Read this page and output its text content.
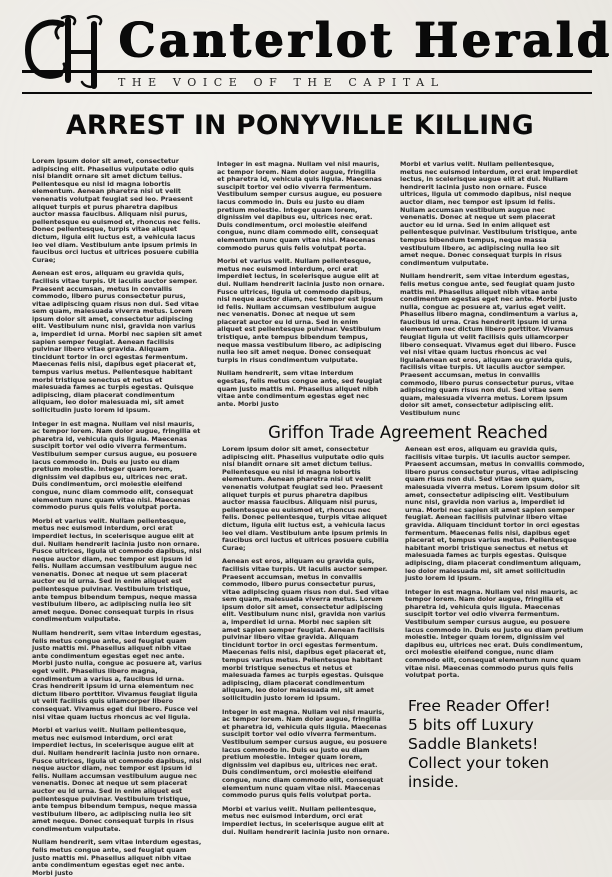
Canterlot Herald
THE VOICE OF THE CAPITAL
ARREST IN PONYVILLE KILLING

Lorem ipsum dolor sit amet, consectetur adipiscing elit. Phasellus vulputate odio quis nisi blandit ornare sit amet dictum tellus. Pellentesque eu nisl id magna lobortis elementum. Aenean pharetra nisi ut velit venenatis volutpat feugiat sed leo. Praesent aliquet turpis et purus pharetra dapibus auctor massa faucibus. Aliquam nisi purus, pellentesque eu euismod et, rhoncus nec felis. Donec pellentesque, turpis vitae aliquet dictum, ligula elit luctus est, a vehicula lacus leo vel diam. Vestibulum ante ipsum primis in faucibus orci luctus et ultrices posuere cubilia Curae;

Aenean est eros, aliquam eu gravida quis, facilisis vitae turpis. Ut iaculis auctor semper. Praesent accumsan, metus in convallis commodo, libero purus consectetur purus, vitae adipiscing quam risus non dui. Sed vitae sem quam, malesuada viverra metus. Lorem ipsum dolor sit amet, consectetur adipiscing elit. Vestibulum nunc nisl, gravida non varius a, imperdiet id urna. Morbi nec sapien sit amet sapien semper feugiat. Aenean facilisis pulvinar libero vitae gravida. Aliquam tincidunt tortor in orci egestas fermentum. Maecenas felis nisi, dapibus eget placerat et, tempus varius metus. Pellentesque habitant morbi tristique senectus et netus et malesuada fames ac turpis egestas. Quisque adipiscing, diam placerat condimentum aliquam, leo dolor malesuada mi, sit amet sollicitudin justo lorem id ipsum.

Integer in est magna. Nullam vel nisl mauris, ac tempor lorem. Nam dolor augue, fringilla et pharetra id, vehicula quis ligula. Maecenas suscipit tortor vel odio viverra fermentum. Vestibulum semper cursus augue, eu posuere lacus commodo in. Duis eu justo eu diam pretium molestie. Integer quam lorem, dignissim vel dapibus eu, ultrices nec erat. Duis condimentum, orci molestie eleifend congue, nunc diam commodo elit, consequat elementum nunc quam vitae nisi. Maecenas commodo purus quis felis volutpat porta.

Morbi et varius velit. Nullam pellentesque, metus nec euismod interdum, orci erat imperdiet lectus, in scelerisque augue elit at dui. Nullam hendrerit lacinia justo non ornare. Fusce ultrices, ligula ut commodo dapibus, nisl neque auctor diam, nec tempor est ipsum id felis. Nullam accumsan vestibulum augue nec venenatis. Donec at neque ut sem placerat auctor eu id urna. Sed in enim aliquet est pellentesque pulvinar. Vestibulum tristique, ante tempus bibendum tempus, neque massa vestibulum libero, ac adipiscing nulla leo sit amet neque. Donec consequat turpis in risus condimentum vulputate.

Nullam hendrerit, sem vitae interdum egestas, felis metus congue ante, sed feugiat quam justo mattis mi. Phasellus aliquet nibh vitae ante condimentum egestas eget nec ante. Morbi justo nulla, congue ac posuere at, varius eget velit. Phasellus libero magna, condimentum a varius a, faucibus id urna. Cras hendrerit ipsum id urna elementum nec dictum libero porttitor. Vivamus feugiat ligula ut velit facilisis quis ullamcorper libero consequat. Vivamus eget dui libero. Fusce vel nisi vitae quam luctus rhoncus ac vel ligula.

Morbi et varius velit. Nullam pellentesque, metus nec euismod interdum, orci erat imperdiet lectus, in scelerisque augue elit at dui. Nullam hendrerit lacinia justo non ornare. Fusce ultrices, ligula ut commodo dapibus, nisl neque auctor diam, nec tempor est ipsum id felis. Nullam accumsan vestibulum augue nec venenatis. Donec at neque ut sem placerat auctor eu id urna. Sed in enim aliquet est pellentesque pulvinar. Vestibulum tristique, ante tempus bibendum tempus, neque massa vestibulum libero, ac adipiscing nulla leo sit amet neque. Donec consequat turpis in risus condimentum vulputate.

Nullam hendrerit, sem vitae interdum egestas, felis metus congue ante, sed feugiat quam justo mattis mi. Phasellus aliquet nibh vitae ante condimentum egestas eget nec ante. Morbi justo

Integer in est magna. Nullam vel nisl mauris, ac tempor lorem. Nam dolor augue, fringilla et pharetra id, vehicula quis ligula. Maecenas suscipit tortor vel odio viverra fermentum. Vestibulum semper cursus augue, eu posuere lacus commodo in. Duis eu justo eu diam pretium molestie. Integer quam lorem, dignissim vel dapibus eu, ultrices nec erat. Duis condimentum, orci molestie eleifend congue, nunc diam commodo elit, consequat elementum nunc quam vitae nisi. Maecenas commodo purus quis felis volutpat porta.

Morbi et varius velit. Nullam pellentesque, metus nec euismod interdum, orci erat imperdiet lectus, in scelerisque augue elit at dui. Nullam hendrerit lacinia justo non ornare. Fusce ultrices, ligula ut commodo dapibus, nisl neque auctor diam, nec tempor est ipsum id felis. Nullam accumsan vestibulum augue nec venenatis. Donec at neque ut sem placerat auctor eu id urna. Sed in enim aliquet est pellentesque pulvinar. Vestibulum tristique, ante tempus bibendum tempus, neque massa vestibulum libero, ac adipiscing nulla leo sit amet neque. Donec consequat turpis in risus condimentum vulputate.

Nullam hendrerit, sem vitae interdum egestas, felis metus congue ante, sed feugiat quam justo mattis mi. Phasellus aliquet nibh vitae ante condimentum egestas eget nec ante. Morbi justo

Morbi et varius velit. Nullam pellentesque, metus nec euismod interdum, orci erat imperdiet lectus, in scelerisque augue elit at dui. Nullam hendrerit lacinia justo non ornare. Fusce ultrices, ligula ut commodo dapibus, nisl neque auctor diam, nec tempor est ipsum id felis. Nullam accumsan vestibulum augue nec venenatis. Donec at neque ut sem placerat auctor eu id urna. Sed in enim aliquet est pellentesque pulvinar. Vestibulum tristique, ante tempus bibendum tempus, neque massa vestibulum libero, ac adipiscing nulla leo sit amet neque. Donec consequat turpis in risus condimentum vulputate.

Nullam hendrerit, sem vitae interdum egestas, felis metus congue ante, sed feugiat quam justo mattis mi. Phasellus aliquet nibh vitae ante condimentum egestas eget nec ante. Morbi justo nulla, congue ac posuere at, varius eget velit. Phasellus libero magna, condimentum a varius a, faucibus id urna. Cras hendrerit ipsum id urna elementum nec dictum libero porttitor. Vivamus feugiat ligula ut velit facilisis quis ullamcorper libero consequat. Vivamus eget dui libero. Fusce vel nisi vitae quam luctus rhoncus ac vel ligulaAenean est eros, aliquam eu gravida quis, facilisis vitae turpis. Ut iaculis auctor semper. Praesent accumsan, metus in convallis commodo, libero purus consectetur purus, vitae adipiscing quam risus non dui. Sed vitae sem quam, malesuada viverra metus. Lorem ipsum dolor sit amet, consectetur adipiscing elit. Vestibulum nunc

Griffon Trade Agreement Reached

Lorem ipsum dolor sit amet, consectetur adipiscing elit. Phasellus vulputate odio quis nisi blandit ornare sit amet dictum tellus. Pellentesque eu nisl id magna lobortis elementum. Aenean pharetra nisi ut velit venenatis volutpat feugiat sed leo. Praesent aliquet turpis et purus pharetra dapibus auctor massa faucibus. Aliquam nisi purus, pellentesque eu euismod et, rhoncus nec felis. Donec pellentesque, turpis vitae aliquet dictum, ligula elit luctus est, a vehicula lacus leo vel diam. Vestibulum ante ipsum primis in faucibus orci luctus et ultrices posuere cubilia Curae;

Aenean est eros, aliquam eu gravida quis, facilisis vitae turpis. Ut iaculis auctor semper. Praesent accumsan, metus in convallis commodo, libero purus consectetur purus, vitae adipiscing quam risus non dui. Sed vitae sem quam, malesuada viverra metus. Lorem ipsum dolor sit amet, consectetur adipiscing elit. Vestibulum nunc nisl, gravida non varius a, imperdiet id urna. Morbi nec sapien sit amet sapien semper feugiat. Aenean facilisis pulvinar libero vitae gravida. Aliquam tincidunt tortor in orci egestas fermentum. Maecenas felis nisi, dapibus eget placerat et, tempus varius metus. Pellentesque habitant morbi tristique senectus et netus et malesuada fames ac turpis egestas. Quisque adipiscing, diam placerat condimentum aliquam, leo dolor malesuada mi, sit amet sollicitudin justo lorem id ipsum.

Integer in est magna. Nullam vel nisl mauris, ac tempor lorem. Nam dolor augue, fringilla et pharetra id, vehicula quis ligula. Maecenas suscipit tortor vel odio viverra fermentum. Vestibulum semper cursus augue, eu posuere lacus commodo in. Duis eu justo eu diam pretium molestie. Integer quam lorem, dignissim vel dapibus eu, ultrices nec erat. Duis condimentum, orci molestie eleifend congue, nunc diam commodo elit, consequat elementum nunc quam vitae nisi. Maecenas commodo purus quis felis volutpat porta.

Morbi et varius velit. Nullam pellentesque, metus nec euismod interdum, orci erat imperdiet lectus, in scelerisque augue elit at dui. Nullam hendrerit lacinia justo non ornare.

Aenean est eros, aliquam eu gravida quis, facilisis vitae turpis. Ut iaculis auctor semper. Praesent accumsan, metus in convallis commodo, libero purus consectetur purus, vitae adipiscing quam risus non dui. Sed vitae sem quam, malesuada viverra metus. Lorem ipsum dolor sit amet, consectetur adipiscing elit. Vestibulum nunc nisl, gravida non varius a, imperdiet id urna. Morbi nec sapien sit amet sapien semper feugiat. Aenean facilisis pulvinar libero vitae gravida. Aliquam tincidunt tortor in orci egestas fermentum. Maecenas felis nisi, dapibus eget placerat et, tempus varius metus. Pellentesque habitant morbi tristique senectus et netus et malesuada fames ac turpis egestas. Quisque adipiscing, diam placerat condimentum aliquam, leo dolor malesuada mi, sit amet sollicitudin justo lorem id ipsum.

Integer in est magna. Nullam vel nisl mauris, ac tempor lorem. Nam dolor augue, fringilla et pharetra id, vehicula quis ligula. Maecenas suscipit tortor vel odio viverra fermentum. Vestibulum semper cursus augue, eu posuere lacus commodo in. Duis eu justo eu diam pretium molestie. Integer quam lorem, dignissim vel dapibus eu, ultrices nec erat. Duis condimentum, orci molestie eleifend congue, nunc diam commodo elit, consequat elementum nunc quam vitae nisi. Maecenas commodo purus quis felis volutpat porta.

Free Reader Offer!
5 bits off Luxury
Saddle Blankets!
Collect your token
inside.
